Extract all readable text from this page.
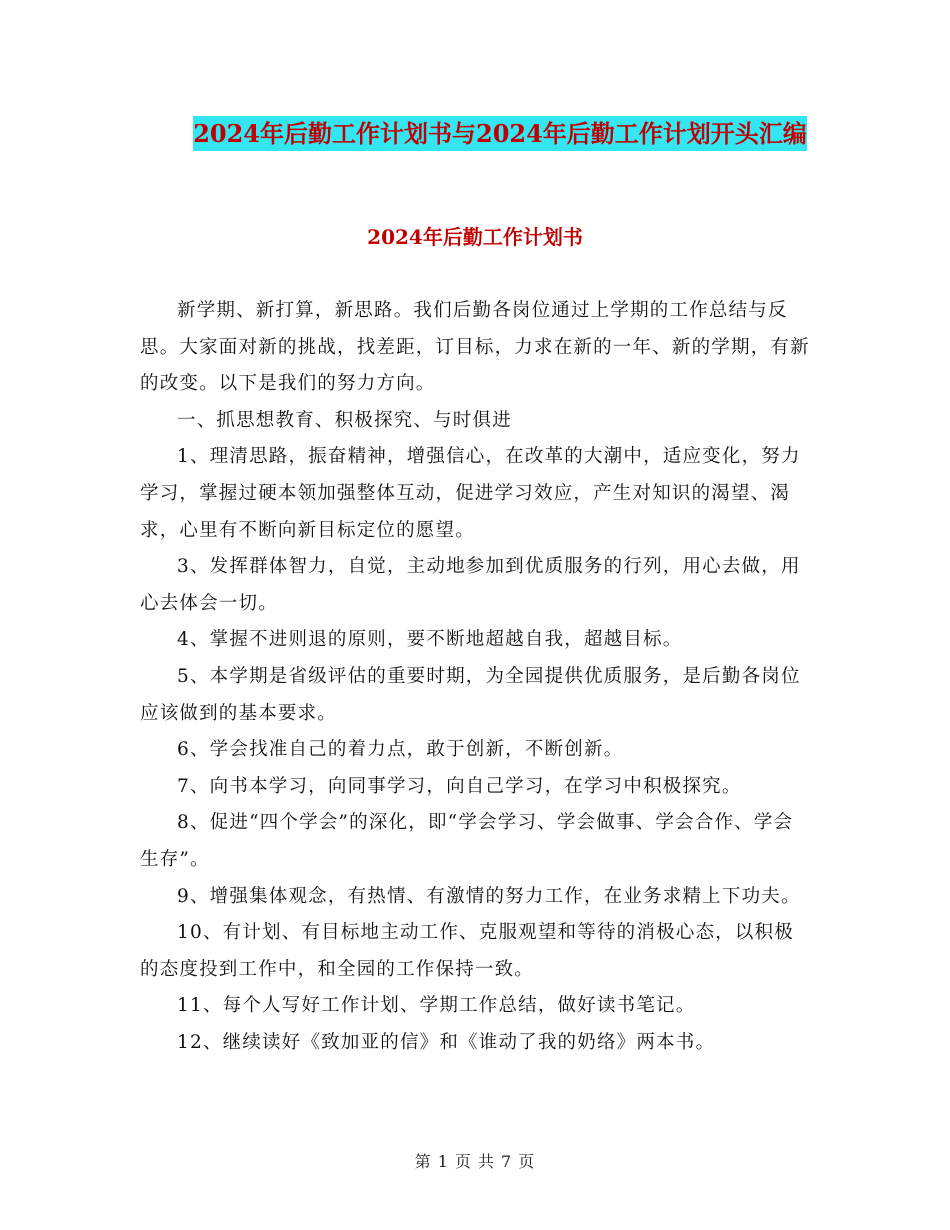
2024年后勤工作计划书与2024年后勤工作计划开头汇编
2024年后勤工作计划书

新学期、新打算，新思路。我们后勤各岗位通过上学期的工作总结与反思。大家面对新的挑战，找差距，订目标，力求在新的一年、新的学期，有新的改变。以下是我们的努力方向。

一、抓思想教育、积极探究、与时俱进

1、理清思路，振奋精神，增强信心，在改革的大潮中，适应变化，努力学习，掌握过硬本领加强整体互动，促进学习效应，产生对知识的渴望、渴求，心里有不断向新目标定位的愿望。

3、发挥群体智力，自觉，主动地参加到优质服务的行列，用心去做，用心去体会一切。

4、掌握不进则退的原则，要不断地超越自我，超越目标。

5、本学期是省级评估的重要时期，为全园提供优质服务，是后勤各岗位应该做到的基本要求。

6、学会找准自己的着力点，敢于创新，不断创新。

7、向书本学习，向同事学习，向自己学习，在学习中积极探究。

8、促进“四个学会”的深化，即“学会学习、学会做事、学会合作、学会生存”。

9、增强集体观念，有热情、有激情的努力工作，在业务求精上下功夫。

10、有计划、有目标地主动工作、克服观望和等待的消极心态，以积极的态度投到工作中，和全园的工作保持一致。

11、每个人写好工作计划、学期工作总结，做好读书笔记。

12、继续读好《致加亚的信》和《谁动了我的奶络》两本书。

第 1 页 共 7 页
